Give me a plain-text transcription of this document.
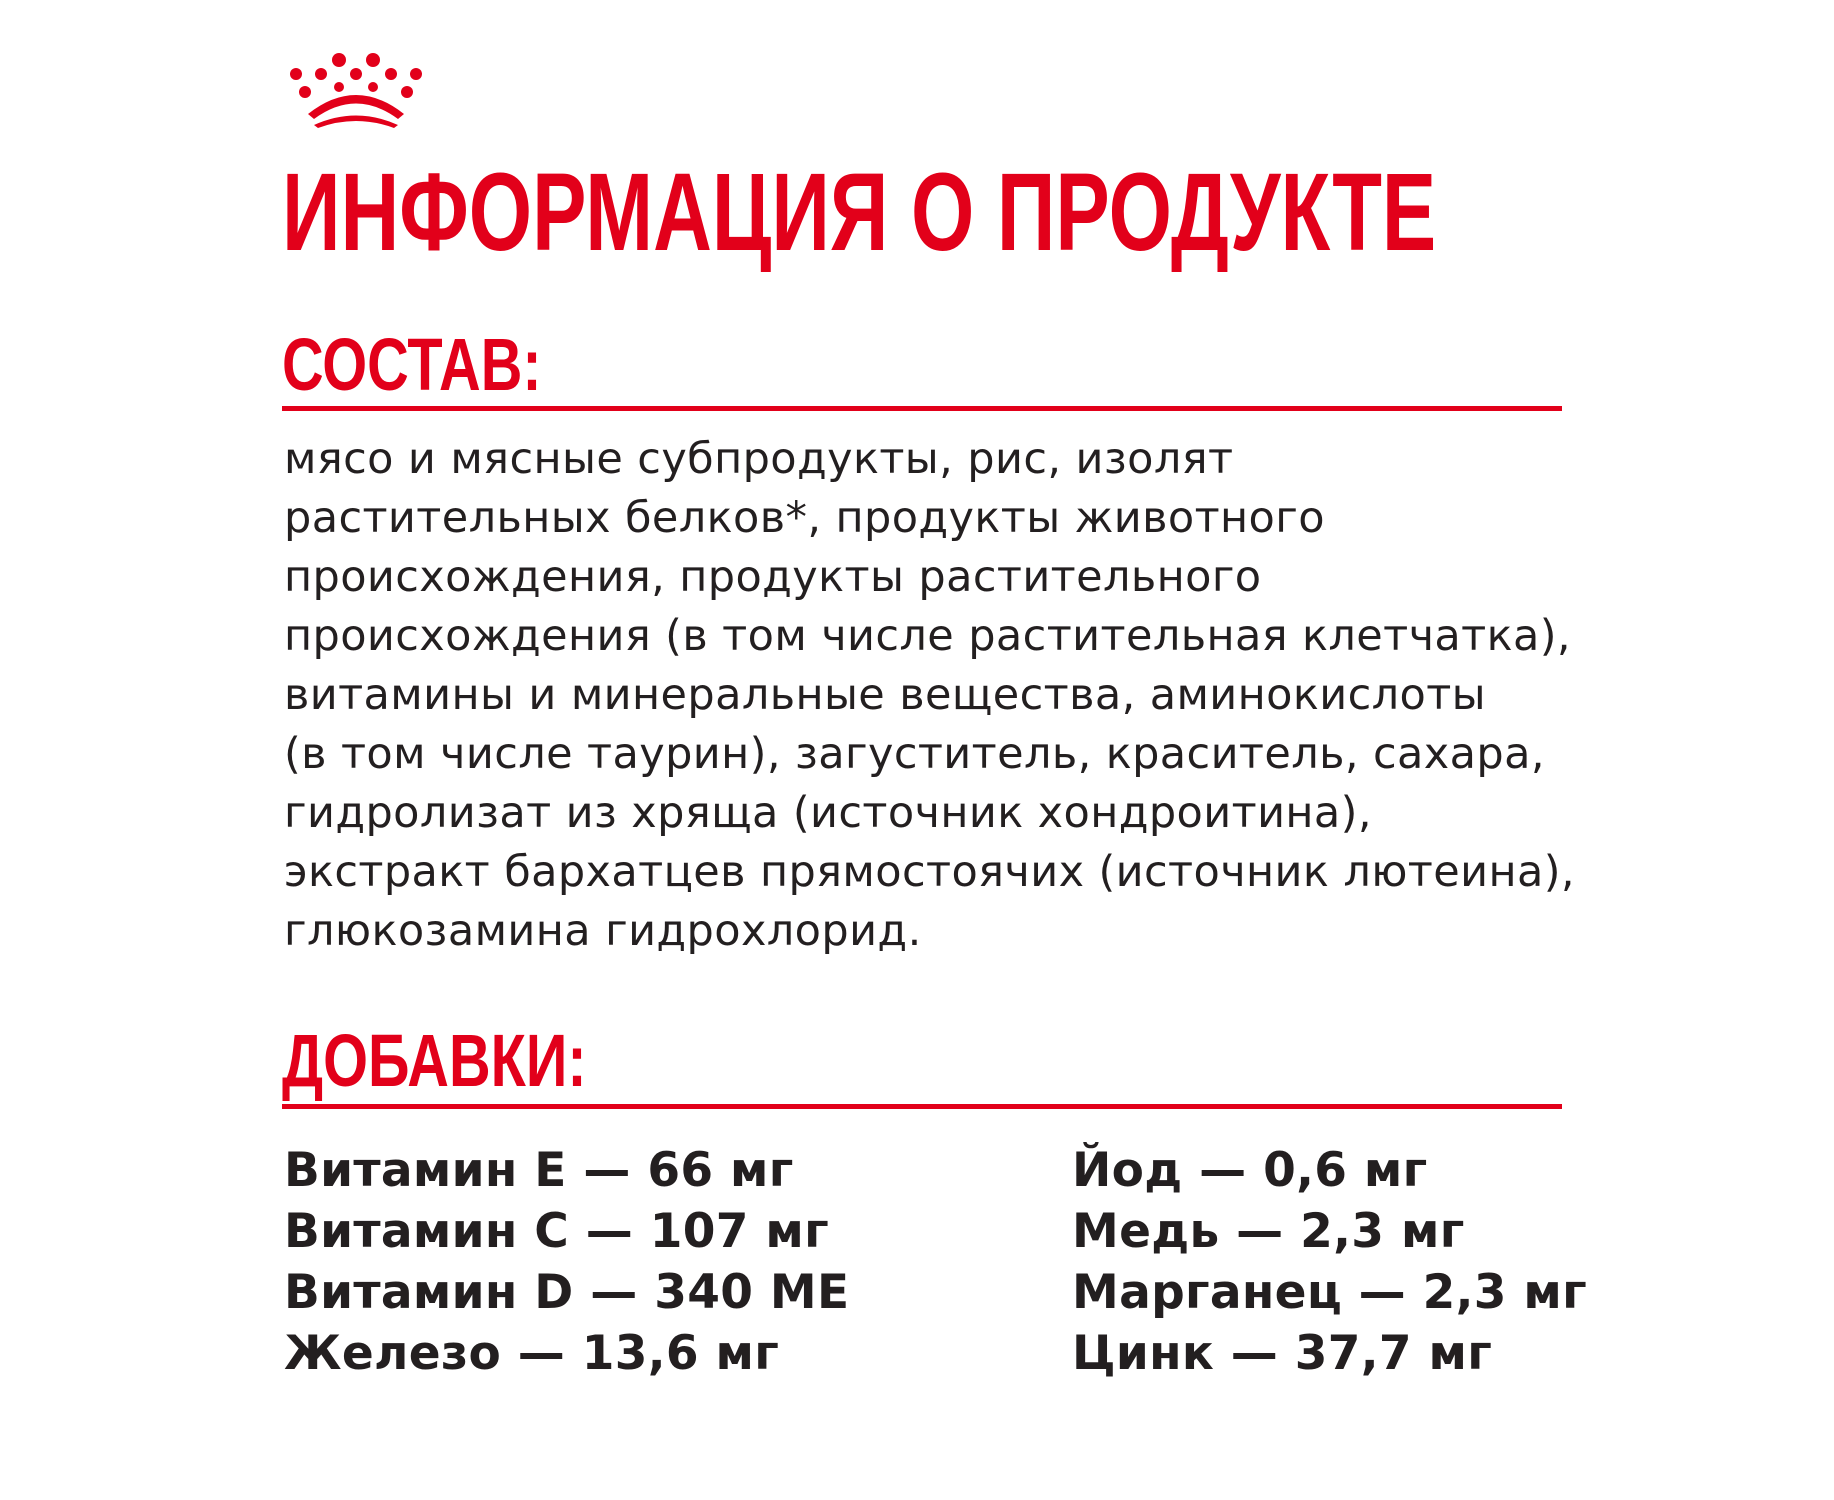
ИНФОРМАЦИЯ О ПРОДУКТЕ
СОСТАВ:
мясо и мясные субпродукты, рис, изолят
растительных белков*, продукты животного
происхождения, продукты растительного
происхождения (в том числе растительная клетчатка),
витамины и минеральные вещества, аминокислоты
(в том числе таурин), загуститель, краситель, сахара,
гидролизат из хряща (источник хондроитина),
экстракт бархатцев прямостоячих (источник лютеина),
глюкозамина гидрохлорид.
ДОБАВКИ:
Витамин E — 66 мг
Витамин C — 107 мг
Витамин D — 340 МЕ
Железо — 13,6 мг
Йод — 0,6 мг
Медь — 2,3 мг
Марганец — 2,3 мг
Цинк — 37,7 мг
